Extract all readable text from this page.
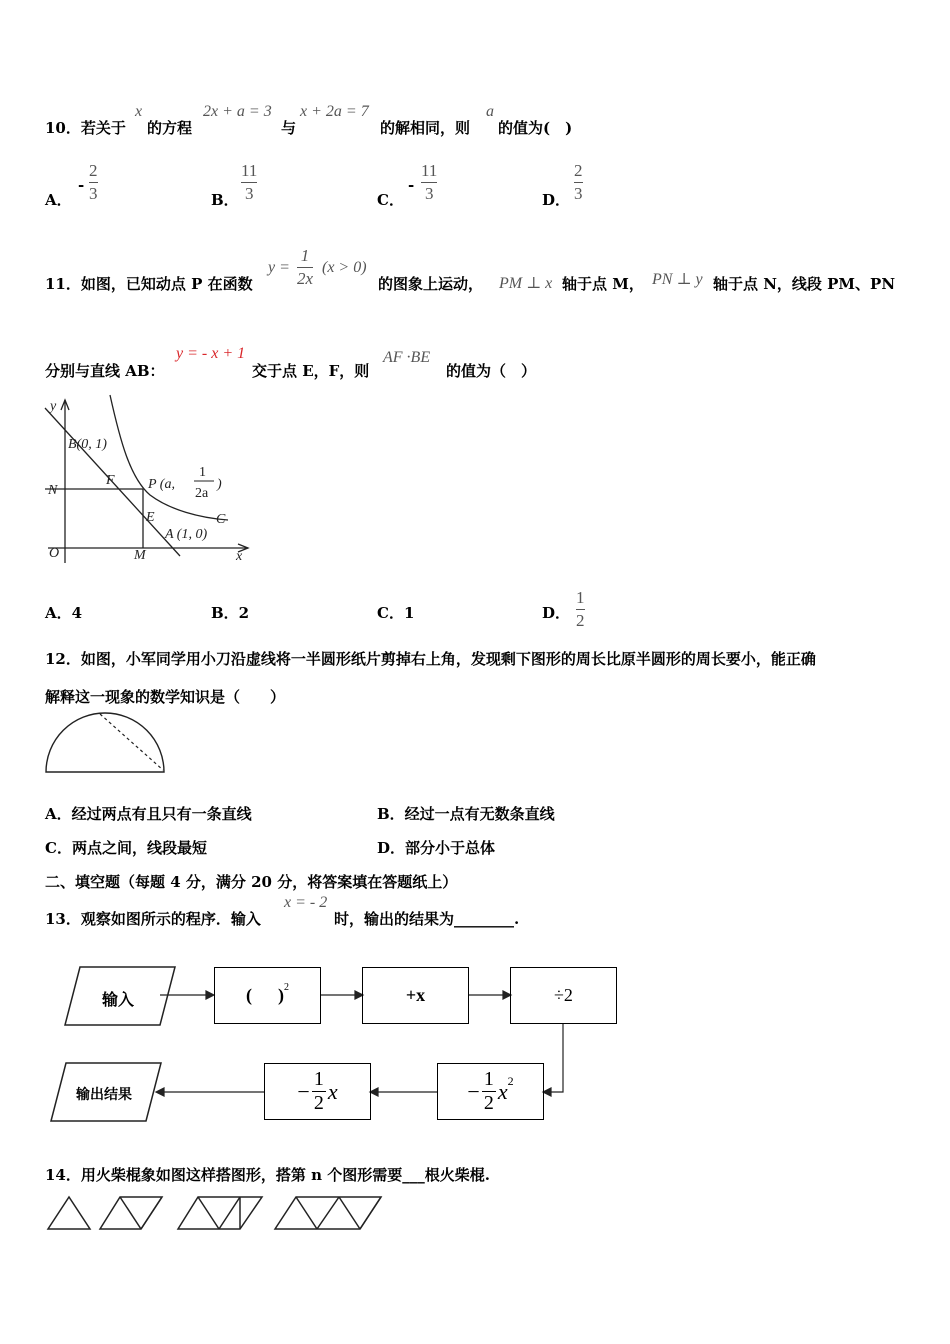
10．若关于
x
的方程
2x + a = 3
与
x + 2a = 7
的解相同，则
a
的值为(　)
A．
-
2
3	B．
11
3	C．
-
11
3	D．
2
3
11．如图，已知动点 P 在函数
y =
1
2x
(x > 0)
的图象上运动， PM ⊥ x 轴于点 M， PN ⊥ y 轴于点 N，线段 PM、PN
分别与直线 AB：
y = - x + 1
交于点 E，F，则
AF ·BE
的值为（　）
y
x
O
B(0, 1)
N
F P (a,
1
2a
)
E	C
A (1, 0)
M
A．4	B．2	C．1	D．
1
2
12．如图，小军同学用小刀沿虚线将一半圆形纸片剪掉右上角，发现剩下图形的周长比原半圆形的周长要小，能正确
解释这一现象的数学知识是（　　）
A．经过两点有且只有一条直线	B．经过一点有无数条直线
C．两点之间，线段最短	D．部分小于总体
二、填空题（每题 4 分，满分 20 分，将答案填在答题纸上）
13．观察如图所示的程序．输入
x = - 2
时，输出的结果为________.
输入
输出结果
( )$^2$	+x	÷2
− 1
2 $x^2$
− 1
2 x
14．用火柴棍象如图这样搭图形，搭第 n 个图形需要___根火柴棍.
